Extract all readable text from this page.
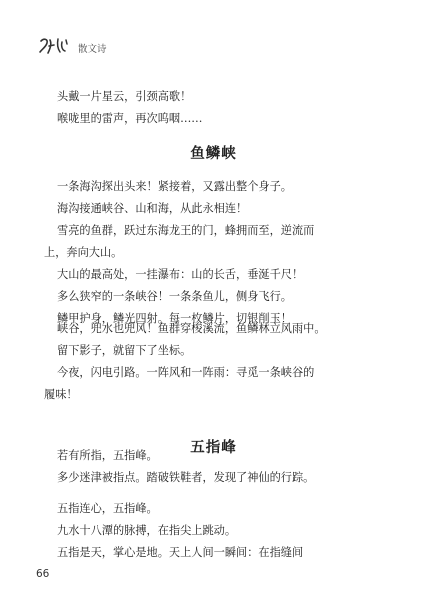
散文诗
头戴一片星云，引颈高歌！
喉咙里的雷声，再次呜咽……
鱼鳞峡
一条海沟探出头来！紧接着，又露出整个身子。
海沟接通峡谷、山和海，从此永相连！
雪亮的鱼群，跃过东海龙王的门，蜂拥而至，逆流而
上，奔向大山。
大山的最高处，一挂瀑布：山的长舌，垂涎千尺！
多么狭窄的一条峡谷！一条条鱼儿，侧身飞行。
鳞甲护身，鳞光四射。每一枚鳞片，切银削玉！
峡谷，兜水也兜风！鱼群穿梭溪流，鱼鳞林立风雨中。
留下影子，就留下了坐标。
今夜，闪电引路。一阵风和一阵雨：寻觅一条峡谷的
履味！
五指峰
若有所指，五指峰。
多少迷津被指点。踏破铁鞋者，发现了神仙的行踪。
五指连心，五指峰。
九水十八潭的脉搏，在指尖上跳动。
五指是天，掌心是地。天上人间一瞬间：在指缝间
66
